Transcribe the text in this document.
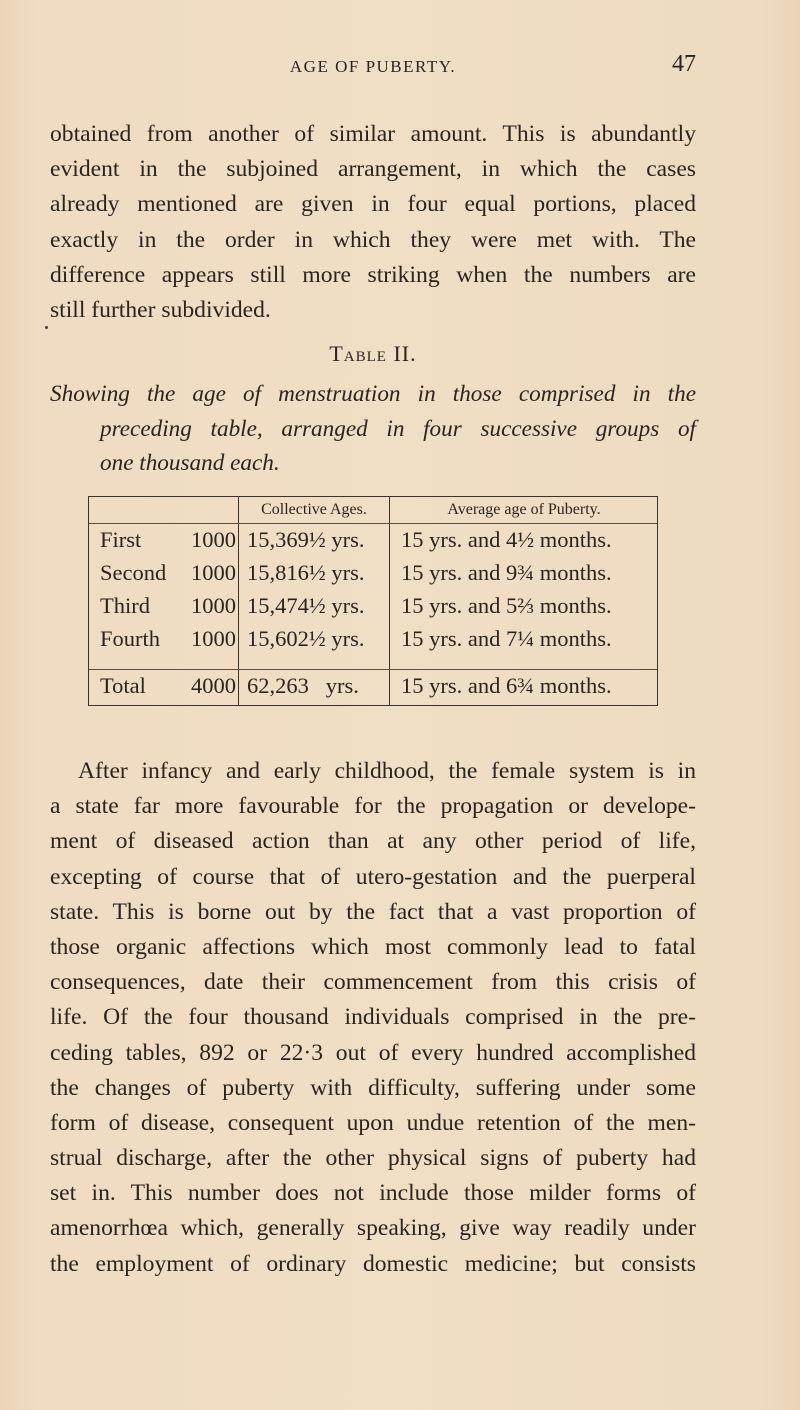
AGE OF PUBERTY.	47
obtained from another of similar amount. This is abundantly
evident in the subjoined arrangement, in which the cases
already mentioned are given in four equal portions, placed
exactly in the order in which they were met with. The
difference appears still more striking when the numbers are
still further subdivided.
Table II.
Showing the age of menstruation in those comprised in the
preceding table, arranged in four successive groups of
one thousand each.
Collective Ages.	Average age of Puberty.
First 1000 15,369½ yrs. 15 yrs. and 4½ months.
Second 1000 15,816½ yrs. 15 yrs. and 9¾ months.
Third 1000 15,474½ yrs. 15 yrs. and 5⅔ months.
Fourth 1000 15,602½ yrs. 15 yrs. and 7¼ months.
Total 4000 62,263   yrs. 15 yrs. and 6¾ months.
After infancy and early childhood, the female system is in
a state far more favourable for the propagation or develope-
ment of diseased action than at any other period of life,
excepting of course that of utero-gestation and the puerperal
state. This is borne out by the fact that a vast proportion of
those organic affections which most commonly lead to fatal
consequences, date their commencement from this crisis of
life. Of the four thousand individuals comprised in the pre-
ceding tables, 892 or 22·3 out of every hundred accomplished
the changes of puberty with difficulty, suffering under some
form of disease, consequent upon undue retention of the men-
strual discharge, after the other physical signs of puberty had
set in. This number does not include those milder forms of
amenorrhœa which, generally speaking, give way readily under
the employment of ordinary domestic medicine; but consists
